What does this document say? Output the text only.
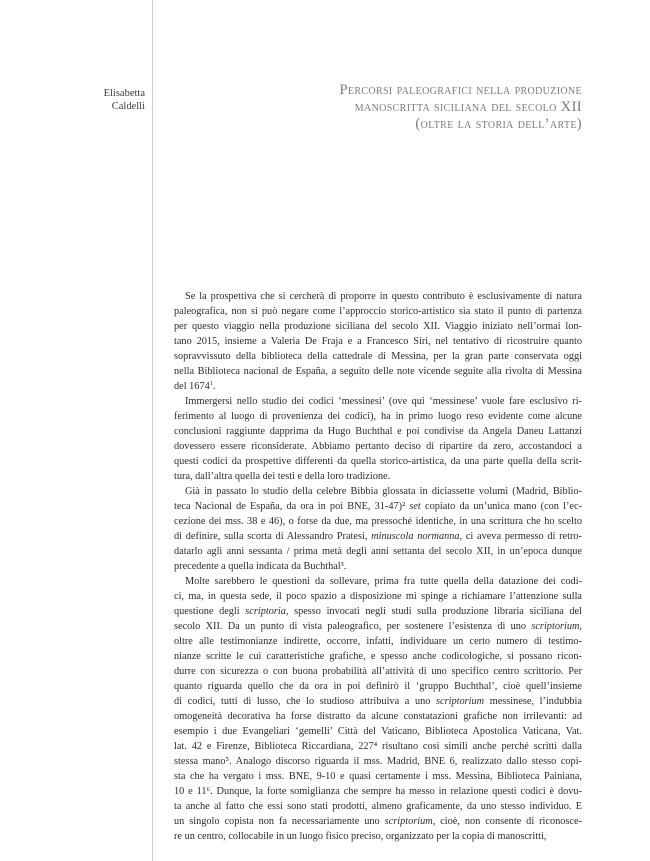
Elisabetta
Caldelli
Percorsi paleografici nella produzione
manoscritta siciliana del secolo XII
(oltre la storia dell’arte)
Se la prospettiva che si cercherà di proporre in questo contributo è esclusivamente di natura
paleografica, non si può negare come l’approccio storico-artistico sia stato il punto di partenza
per questo viaggio nella produzione siciliana del secolo XII. Viaggio iniziato nell’ormai lon-
tano 2015, insieme a Valeria De Fraja e a Francesco Siri, nel tentativo di ricostruire quanto
sopravvissuto della biblioteca della cattedrale di Messina, per la gran parte conservata oggi
nella Biblioteca nacional de España, a seguito delle note vicende seguite alla rivolta di Messina
del 1674$^1$.
Immergersi nello studio dei codici ‘messinesi’ (ove qui ‘messinese’ vuole fare esclusivo ri-
ferimento al luogo di provenienza dei codici), ha in primo luogo reso evidente come alcune
conclusioni raggiunte dapprima da Hugo Buchthal e poi condivise da Angela Daneu Lattanzi
dovessero essere riconsiderate. Abbiamo pertanto deciso di ripartire da zero, accostandoci a
questi codici da prospettive differenti da quella storico-artistica, da una parte quella della scrit-
tura, dall’altra quella dei testi e della loro tradizione.
Già in passato lo studio della celebre Bibbia glossata in diciassette volumi (Madrid, Biblio-
teca Nacional de España, da ora in poi BNE, 31-47)² set copiato da un’unica mano (con l’ec-
cezione dei mss. 38 e 46), o forse da due, ma pressoché identiche, in una scrittura che ho scelto
di definire, sulla scorta di Alessandro Pratesi, minuscola normanna, ci aveva permesso di retro-
datarlo agli anni sessanta / prima metà degli anni settanta del secolo XII, in un’epoca dunque
precedente a quella indicata da Buchthal³.
Molte sarebbero le questioni da sollevare, prima fra tutte quella della datazione dei codi-
ci, ma, in questa sede, il poco spazio a disposizione mi spinge a richiamare l’attenzione sulla
questione degli scriptoria, spesso invocati negli studi sulla produzione libraria siciliana del
secolo XII. Da un punto di vista paleografico, per sostenere l’esistenza di uno scriptorium,
oltre alle testimonianze indirette, occorre, infatti, individuare un certo numero di testimo-
nianze scritte le cui caratteristiche grafiche, e spesso anche codicologiche, si possano ricon-
durre con sicurezza o con buona probabilità all’attività di uno specifico centro scrittorio. Per
quanto riguarda quello che da ora in poi definirò il ‘gruppo Buchthal’, cioè quell’insieme
di codici, tutti di lusso, che lo studioso attribuiva a uno scriptorium messinese, l’indubbia
omogeneità decorativa ha forse distratto da alcune constatazioni grafiche non irrilevanti: ad
esempio i due Evangeliari ‘gemelli’ Città del Vaticano, Biblioteca Apostolica Vaticana, Vat.
lat. 42 e Firenze, Biblioteca Riccardiana, 227⁴ risultano così simili anche perché scritti dalla
stessa mano⁵. Analogo discorso riguarda il mss. Madrid, BNE 6, realizzato dallo stesso copi-
sta che ha vergato i mss. BNE, 9-10 e quasi certamente i mss. Messina, Biblioteca Painiana,
10 e 11⁶. Dunque, la forte somiglianza che sempre ha messo in relazione questi codici è dovu-
ta anche al fatto che essi sono stati prodotti, almeno graficamente, da uno stesso individuo. E
un singolo copista non fa necessariamente uno scriptorium, cioè, non consente di riconosce-
re un centro, collocabile in un luogo fisico preciso, organizzato per la copia di manoscritti,
